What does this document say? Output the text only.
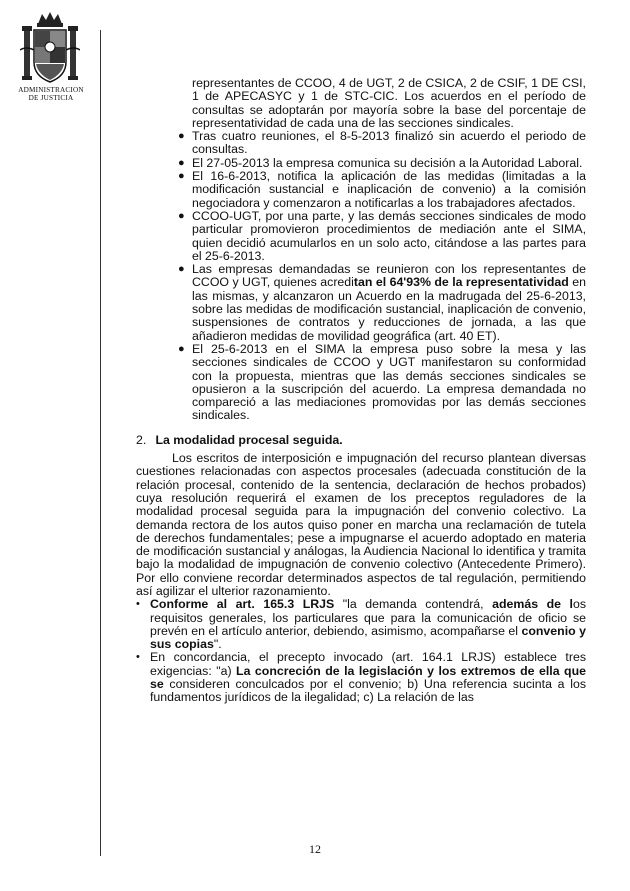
ADMINISTRACION
DE JUSTICIA
representantes de CCOO, 4 de UGT, 2 de CSICA, 2 de CSIF, 1 DE CSI, 1 de APECASYC y 1 de STC-CIC. Los acuerdos en el período de consultas se adoptarán por mayoría sobre la base del porcentaje de representatividad de cada una de las secciones sindicales.
● Tras cuatro reuniones, el 8-5-2013 finalizó sin acuerdo el periodo de consultas.
● El 27-05-2013 la empresa comunica su decisión a la Autoridad Laboral.
● El 16-6-2013, notifica la aplicación de las medidas (limitadas a la modificación sustancial e inaplicación de convenio) a la comisión negociadora y comenzaron a notificarlas a los trabajadores afectados.
● CCOO-UGT, por una parte, y las demás secciones sindicales de modo particular promovieron procedimientos de mediación ante el SIMA, quien decidió acumularlos en un solo acto, citándose a las partes para el 25-6-2013.
● Las empresas demandadas se reunieron con los representantes de CCOO y UGT, quienes acreditan el 64'93% de la representatividad en las mismas, y alcanzaron un Acuerdo en la madrugada del 25-6-2013, sobre las medidas de modificación sustancial, inaplicación de convenio, suspensiones de contratos y reducciones de jornada, a las que añadieron medidas de movilidad geográfica (art. 40 ET).
● El 25-6-2013 en el SIMA la empresa puso sobre la mesa y las secciones sindicales de CCOO y UGT manifestaron su conformidad con la propuesta, mientras que las demás secciones sindicales se opusieron a la suscripción del acuerdo. La empresa demandada no compareció a las mediaciones promovidas por las demás secciones sindicales.
2. La modalidad procesal seguida.

Los escritos de interposición e impugnación del recurso plantean diversas cuestiones relacionadas con aspectos procesales (adecuada constitución de la relación procesal, contenido de la sentencia, declaración de hechos probados) cuya resolución requerirá el examen de los preceptos reguladores de la modalidad procesal seguida para la impugnación del convenio colectivo. La demanda rectora de los autos quiso poner en marcha una reclamación de tutela de derechos fundamentales; pese a impugnarse el acuerdo adoptado en materia de modificación sustancial y análogas, la Audiencia Nacional lo identifica y tramita bajo la modalidad de impugnación de convenio colectivo (Antecedente Primero). Por ello conviene recordar determinados aspectos de tal regulación, permitiendo así agilizar el ulterior razonamiento.

• Conforme al art. 165.3 LRJS "la demanda contendrá, además de los requisitos generales, los particulares que para la comunicación de oficio se prevén en el artículo anterior, debiendo, asimismo, acompañarse el convenio y sus copias".
• En concordancia, el precepto invocado (art. 164.1 LRJS) establece tres exigencias: "a) La concreción de la legislación y los extremos de ella que se consideren conculcados por el convenio; b) Una referencia sucinta a los fundamentos jurídicos de la ilegalidad; c) La relación de las
12
